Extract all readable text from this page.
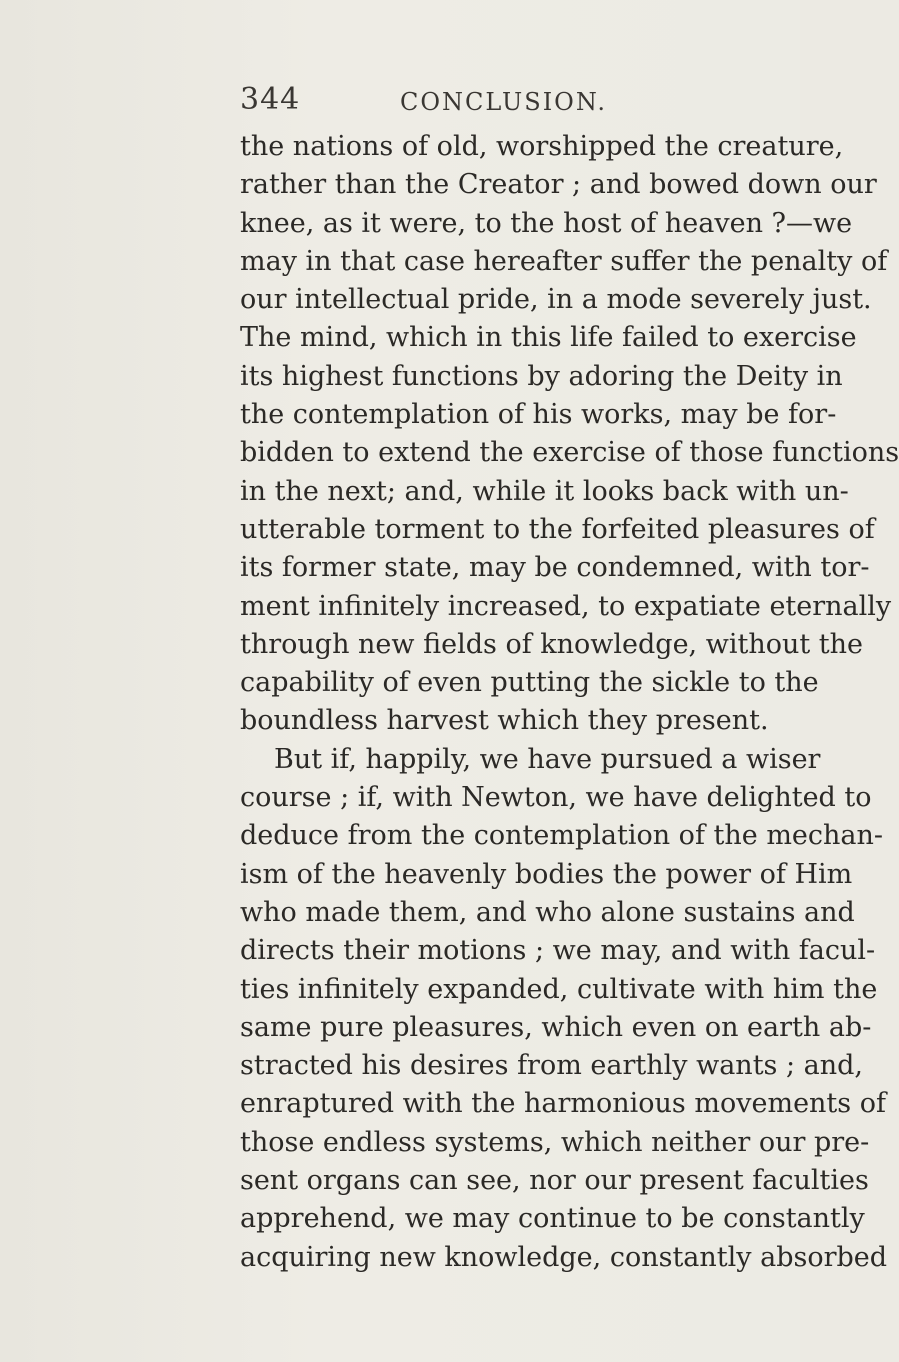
344	CONCLUSION.
the nations of old, worshipped the creature,
rather than the Creator ; and bowed down our
knee, as it were, to the host of heaven ?—we
may in that case hereafter suffer the penalty of
our intellectual pride, in a mode severely just.
The mind, which in this life failed to exercise
its highest functions by adoring the Deity in
the contemplation of his works, may be for-
bidden to extend the exercise of those functions
in the next; and, while it looks back with un-
utterable torment to the forfeited pleasures of
its former state, may be condemned, with tor-
ment infinitely increased, to expatiate eternally
through new fields of knowledge, without the
capability of even putting the sickle to the
boundless harvest which they present.
But if, happily, we have pursued a wiser
course ; if, with Newton, we have delighted to
deduce from the contemplation of the mechan-
ism of the heavenly bodies the power of Him
who made them, and who alone sustains and
directs their motions ; we may, and with facul-
ties infinitely expanded, cultivate with him the
same pure pleasures, which even on earth ab-
stracted his desires from earthly wants ; and,
enraptured with the harmonious movements of
those endless systems, which neither our pre-
sent organs can see, nor our present faculties
apprehend, we may continue to be constantly
acquiring new knowledge, constantly absorbed
